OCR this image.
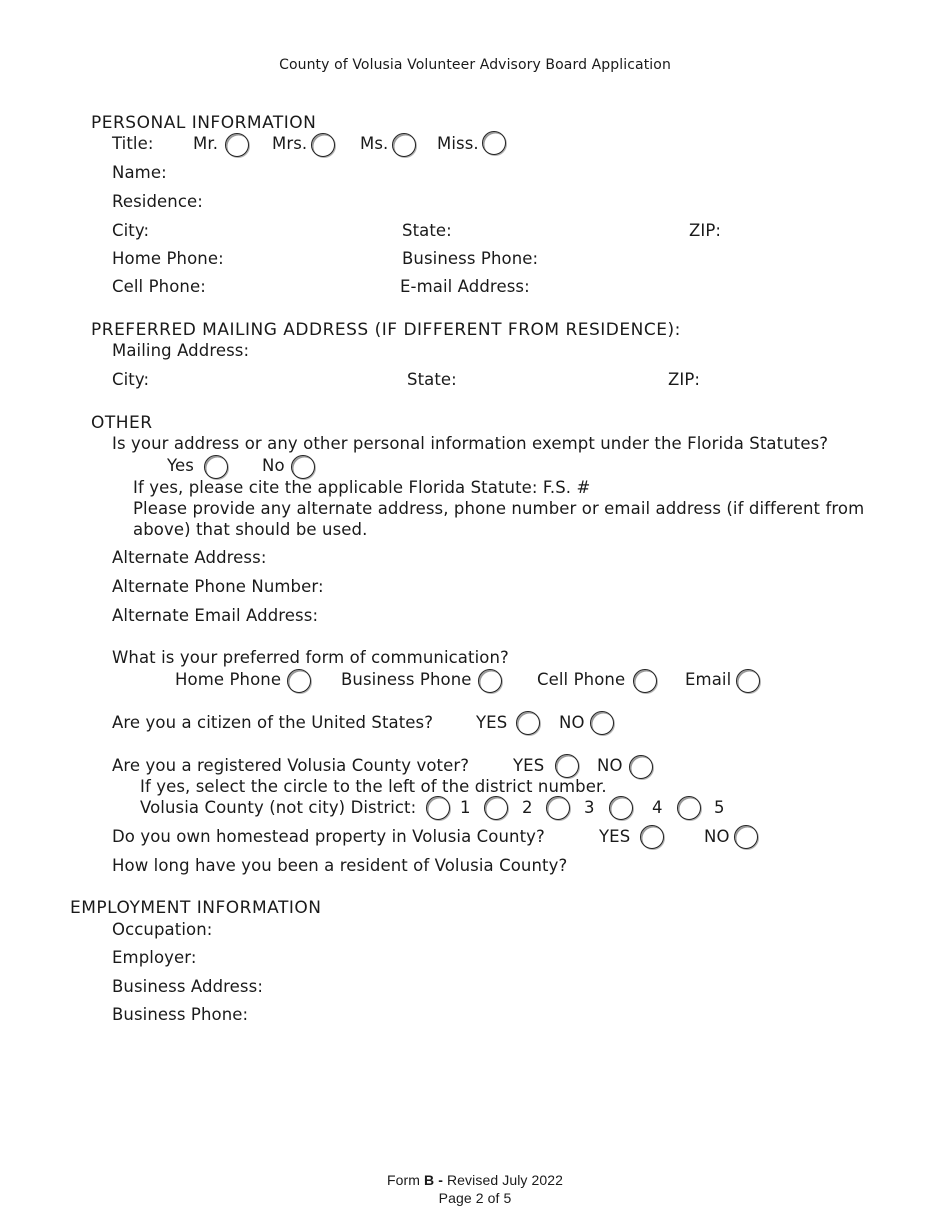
County of Volusia Volunteer Advisory Board Application
PERSONAL INFORMATION
Title: Mr.	Mrs.	Ms.	Miss.
Name:
Residence:
City:	State:	ZIP:
Home Phone:	Business Phone:
Cell Phone:	E-mail Address:
PREFERRED MAILING ADDRESS (IF DIFFERENT FROM RESIDENCE):
Mailing Address:
City:	State:	ZIP:
OTHER
Is your address or any other personal information exempt under the Florida Statutes?
Yes	No
If yes, please cite the applicable Florida Statute: F.S. #
Please provide any alternate address, phone number or email address (if different from
above) that should be used.
Alternate Address:
Alternate Phone Number:
Alternate Email Address:
What is your preferred form of communication?
Home Phone	Business Phone	Cell Phone	Email
Are you a citizen of the United States?	YES	NO
Are you a registered Volusia County voter?	YES	NO
If yes, select the circle to the left of the district number.
Volusia County (not city) District:	1	2	3	4	5
Do you own homestead property in Volusia County?	YES	NO
How long have you been a resident of Volusia County?
EMPLOYMENT INFORMATION
Occupation:
Employer:
Business Address:
Business Phone:
Form B - Revised July 2022
Page 2 of 5
